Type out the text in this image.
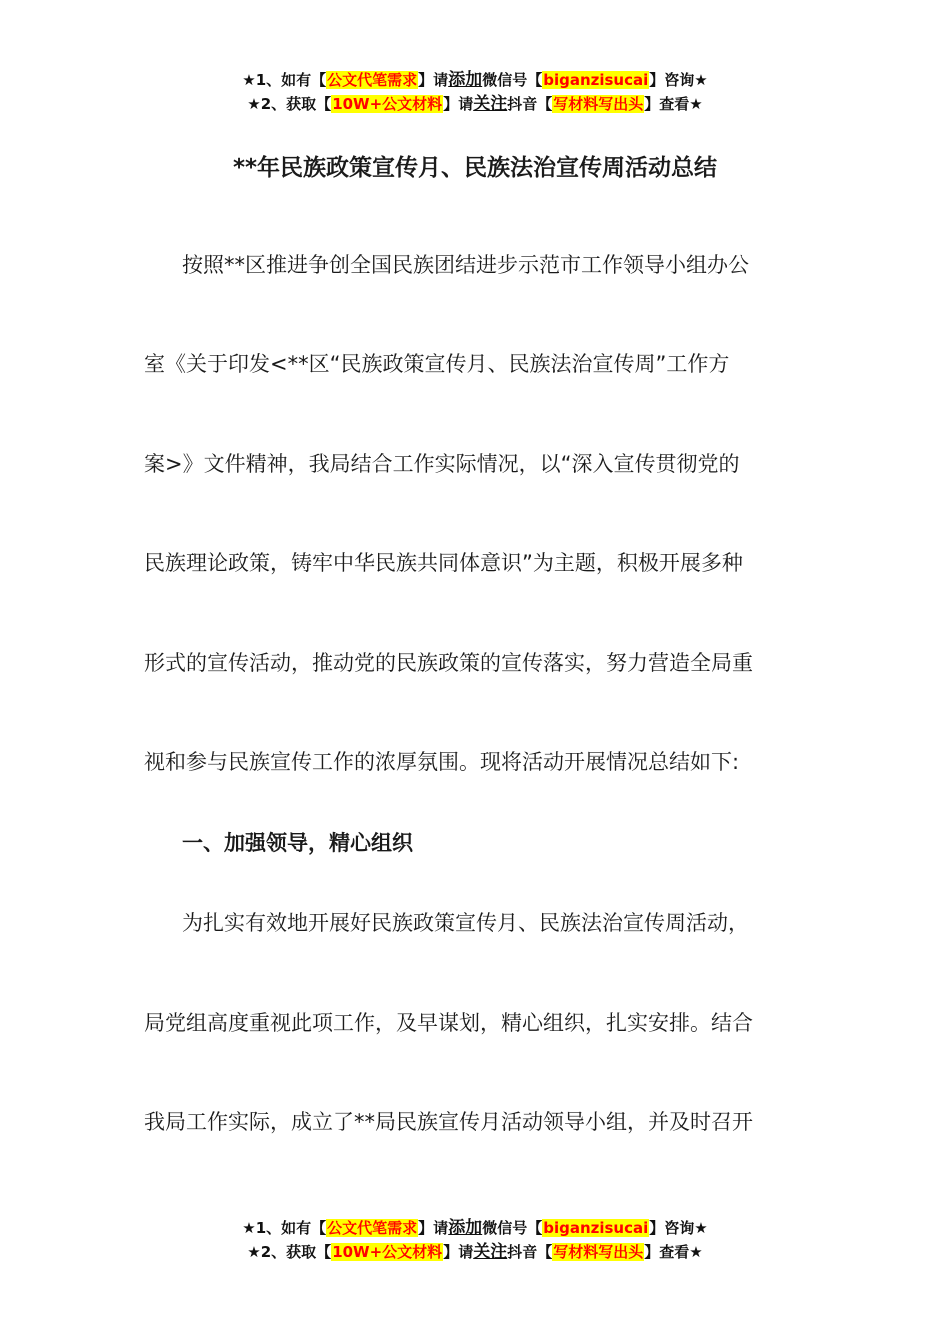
★1、如有【公文代笔需求】请添加微信号【biganzisucai】咨询★
★2、获取【10W+公文材料】请关注抖音【写材料写出头】查看★
**年民族政策宣传月、民族法治宣传周活动总结
按照**区推进争创全国民族团结进步示范市工作领导小组办公
室《关于印发<**区“民族政策宣传月、民族法治宣传周”工作方
案>》文件精神，我局结合工作实际情况，以“深入宣传贯彻党的
民族理论政策，铸牢中华民族共同体意识”为主题，积极开展多种
形式的宣传活动，推动党的民族政策的宣传落实，努力营造全局重
视和参与民族宣传工作的浓厚氛围。现将活动开展情况总结如下:
一、加强领导，精心组织
为扎实有效地开展好民族政策宣传月、民族法治宣传周活动，
局党组高度重视此项工作，及早谋划，精心组织，扎实安排。结合
我局工作实际，成立了**局民族宣传月活动领导小组，并及时召开
★1、如有【公文代笔需求】请添加微信号【biganzisucai】咨询★
★2、获取【10W+公文材料】请关注抖音【写材料写出头】查看★
